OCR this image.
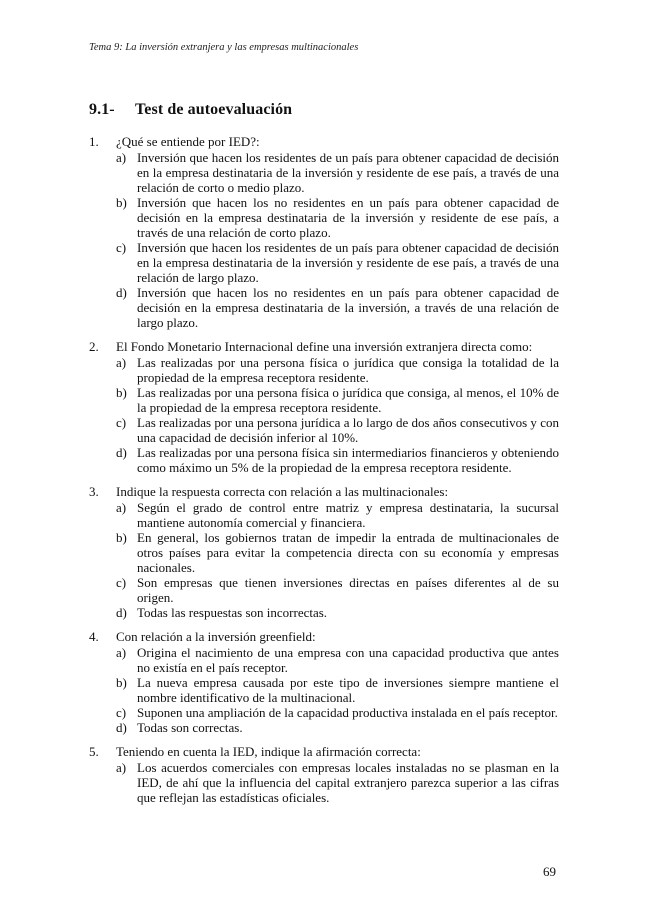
Tema 9: La inversión extranjera y las empresas multinacionales
9.1- Test de autoevaluación
1.	¿Qué se entiende por IED?:
a) Inversión que hacen los residentes de un país para obtener capacidad de decisión en la empresa destinataria de la inversión y residente de ese país, a través de una relación de corto o medio plazo.
b) Inversión que hacen los no residentes en un país para obtener capacidad de decisión en la empresa destinataria de la inversión y residente de ese país, a través de una relación de corto plazo.
c) Inversión que hacen los residentes de un país para obtener capacidad de decisión en la empresa destinataria de la inversión y residente de ese país, a través de una relación de largo plazo.
d) Inversión que hacen los no residentes en un país para obtener capacidad de decisión en la empresa destinataria de la inversión, a través de una relación de largo plazo.
2.	El Fondo Monetario Internacional define una inversión extranjera directa como:
a) Las realizadas por una persona física o jurídica que consiga la totalidad de la propiedad de la empresa receptora residente.
b) Las realizadas por una persona física o jurídica que consiga, al menos, el 10% de la propiedad de la empresa receptora residente.
c) Las realizadas por una persona jurídica a lo largo de dos años consecutivos y con una capacidad de decisión inferior al 10%.
d) Las realizadas por una persona física sin intermediarios financieros y obteniendo como máximo un 5% de la propiedad de la empresa receptora residente.
3.	Indique la respuesta correcta con relación a las multinacionales:
a) Según el grado de control entre matriz y empresa destinataria, la sucursal mantiene autonomía comercial y financiera.
b) En general, los gobiernos tratan de impedir la entrada de multinacionales de otros países para evitar la competencia directa con su economía y empresas nacionales.
c) Son empresas que tienen inversiones directas en países diferentes al de su origen.
d) Todas las respuestas son incorrectas.
4.	Con relación a la inversión greenfield:
a) Origina el nacimiento de una empresa con una capacidad productiva que antes no existía en el país receptor.
b) La nueva empresa causada por este tipo de inversiones siempre mantiene el nombre identificativo de la multinacional.
c) Suponen una ampliación de la capacidad productiva instalada en el país receptor.
d) Todas son correctas.
5.	Teniendo en cuenta la IED, indique la afirmación correcta:
a) Los acuerdos comerciales con empresas locales instaladas no se plasman en la IED, de ahí que la influencia del capital extranjero parezca superior a las cifras que reflejan las estadísticas oficiales.
69
